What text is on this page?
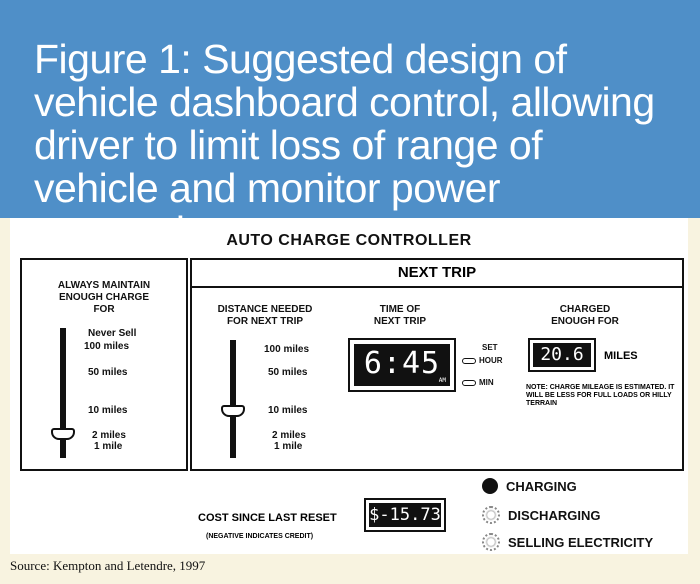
Figure 1: Suggested design of vehicle dashboard control, allowing driver to limit loss of range of vehicle and monitor power
AUTO CHARGE CONTROLLER
ALWAYS MAINTAIN
ENOUGH CHARGE
FOR
Never Sell
100 miles
50 miles
10 miles
2 miles
1 mile
NEXT TRIP
DISTANCE NEEDED
FOR NEXT TRIP
100 miles
50 miles
10 miles
2 miles
1 mile
TIME OF
NEXT TRIP
6:45
AM
SET
HOUR
MIN
CHARGED
ENOUGH FOR
20.6	MILES
NOTE: CHARGE MILEAGE IS ESTIMATED. IT WILL BE LESS FOR FULL LOADS OR HILLY TERRAIN
COST SINCE LAST RESET $-15.73
(NEGATIVE INDICATES CREDIT)
CHARGING
DISCHARGING
SELLING ELECTRICITY
Source: Kempton and Letendre, 1997
